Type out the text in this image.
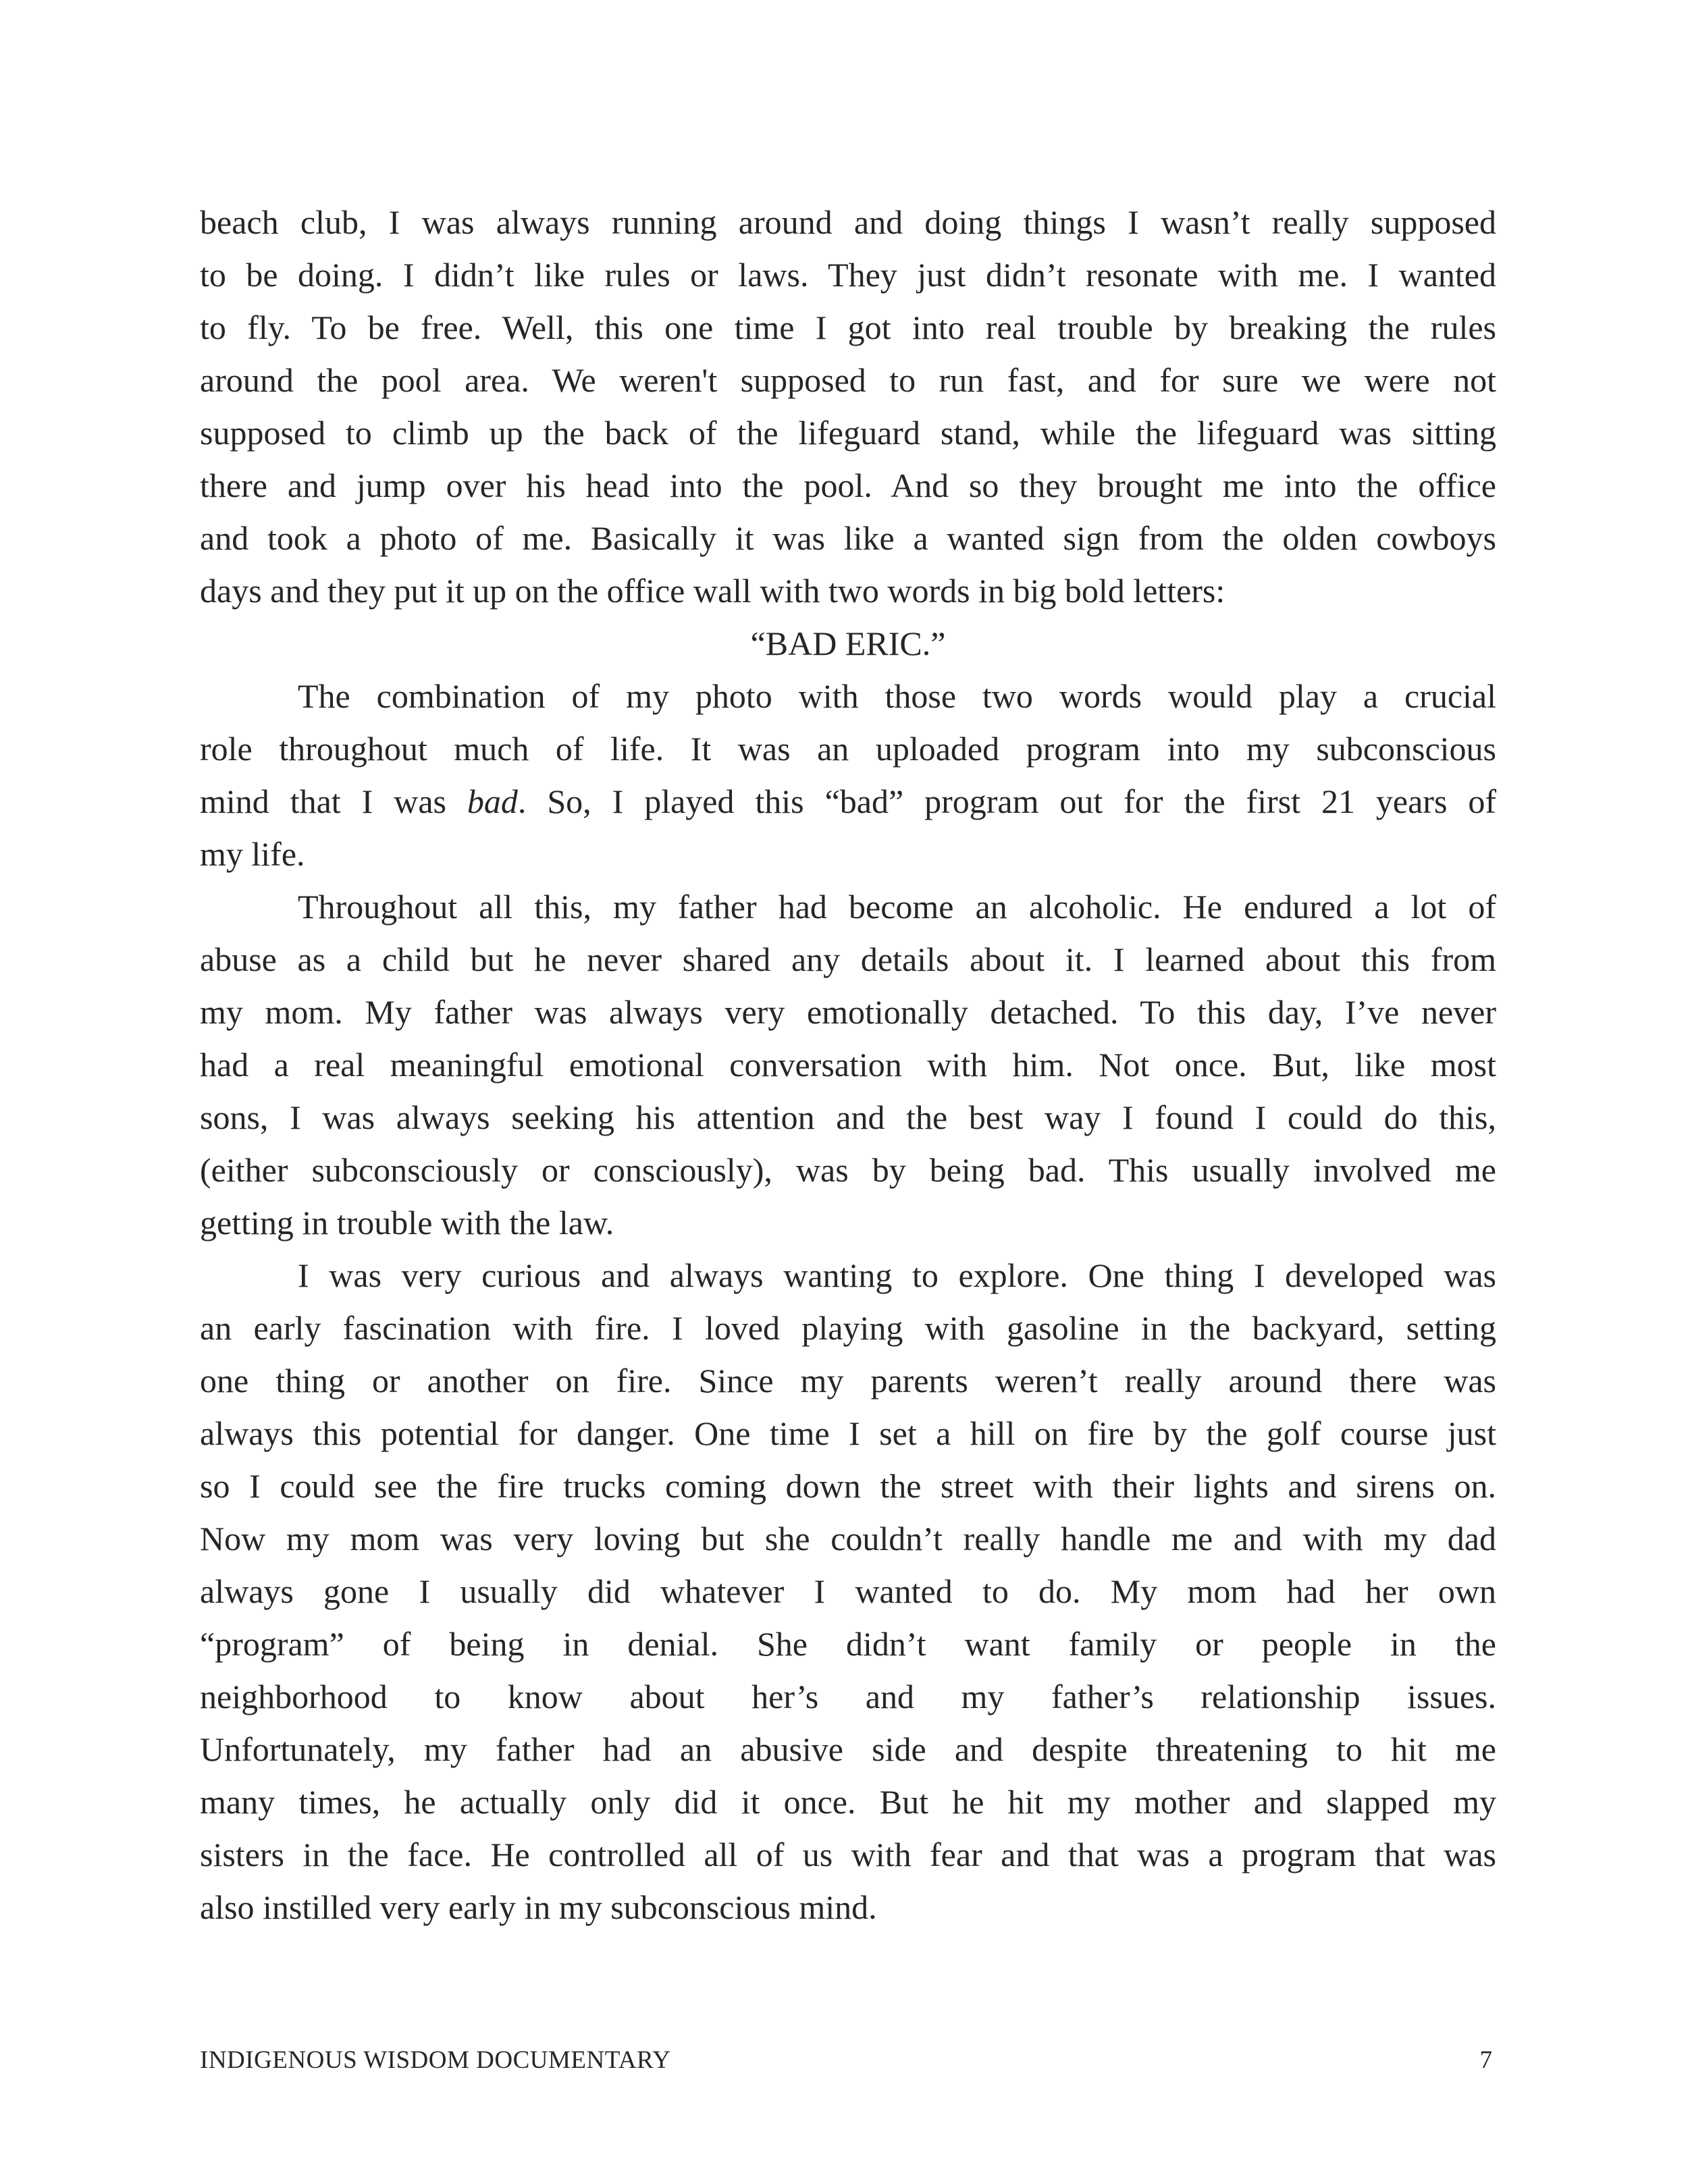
beach club, I was always running around and doing things I wasn’t really supposed
to be doing. I didn’t like rules or laws. They just didn’t resonate with me. I wanted
to fly. To be free. Well, this one time I got into real trouble by breaking the rules
around the pool area. We weren't supposed to run fast, and for sure we were not
supposed to climb up the back of the lifeguard stand, while the lifeguard was sitting
there and jump over his head into the pool. And so they brought me into the office
and took a photo of me. Basically it was like a wanted sign from the olden cowboys
days and they put it up on the office wall with two words in big bold letters:
“BAD ERIC.”
The combination of my photo with those two words would play a crucial
role throughout much of life. It was an uploaded program into my subconscious
mind that I was bad. So, I played this “bad” program out for the first 21 years of
my life.
Throughout all this, my father had become an alcoholic. He endured a lot of
abuse as a child but he never shared any details about it. I learned about this from
my mom. My father was always very emotionally detached. To this day, I’ve never
had a real meaningful emotional conversation with him. Not once. But, like most
sons, I was always seeking his attention and the best way I found I could do this,
(either subconsciously or consciously), was by being bad. This usually involved me
getting in trouble with the law.
I was very curious and always wanting to explore. One thing I developed was
an early fascination with fire. I loved playing with gasoline in the backyard, setting
one thing or another on fire. Since my parents weren’t really around there was
always this potential for danger. One time I set a hill on fire by the golf course just
so I could see the fire trucks coming down the street with their lights and sirens on.
Now my mom was very loving but she couldn’t really handle me and with my dad
always gone I usually did whatever I wanted to do. My mom had her own
“program” of being in denial. She didn’t want family or people in the
neighborhood to know about her’s and my father’s relationship issues.
Unfortunately, my father had an abusive side and despite threatening to hit me
many times, he actually only did it once. But he hit my mother and slapped my
sisters in the face. He controlled all of us with fear and that was a program that was
also instilled very early in my subconscious mind.
INDIGENOUS WISDOM DOCUMENTARY	7
